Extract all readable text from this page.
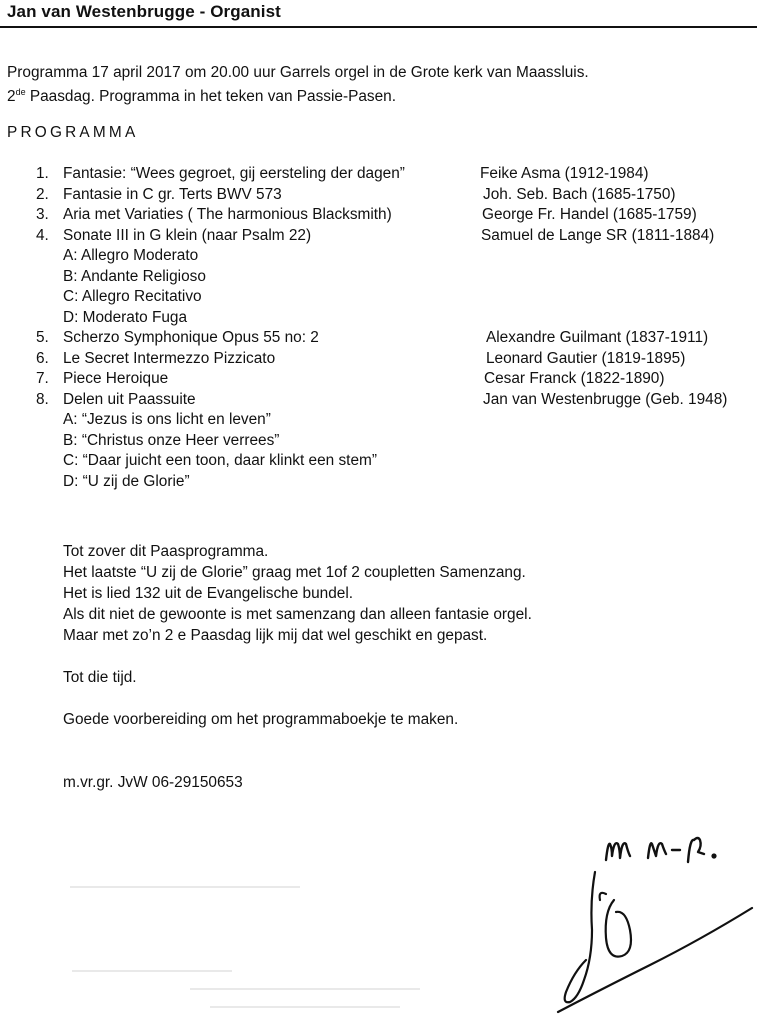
Jan van Westenbrugge - Organist
Programma 17 april 2017 om 20.00 uur Garrels orgel in de Grote kerk van Maassluis.
2de Paasdag. Programma in het teken van Passie-Pasen.
PROGRAMMA
1. Fantasie: “Wees gegroet, gij eersteling der dagen”	Feike Asma (1912-1984)
2. Fantasie in C gr. Terts BWV 573	Joh. Seb. Bach (1685-1750)
3. Aria met Variaties ( The harmonious Blacksmith)	George Fr. Handel (1685-1759)
4. Sonate III in G klein (naar Psalm 22)	Samuel de Lange SR (1811-1884)
A: Allegro Moderato
B: Andante Religioso
C: Allegro Recitativo
D: Moderato Fuga
5. Scherzo Symphonique Opus 55 no: 2	Alexandre Guilmant (1837-1911)
6. Le Secret Intermezzo Pizzicato	Leonard Gautier (1819-1895)
7. Piece Heroique	Cesar Franck (1822-1890)
8. Delen uit Paassuite	Jan van Westenbrugge (Geb. 1948)
A: “Jezus is ons licht en leven”
B: “Christus onze Heer verrees”
C: “Daar juicht een toon, daar klinkt een stem”
D: “U zij de Glorie”
Tot zover dit Paasprogramma.
Het laatste “U zij de Glorie” graag met 1of 2 coupletten Samenzang.
Het is lied 132 uit de Evangelische bundel.
Als dit niet de gewoonte is met samenzang dan alleen fantasie orgel.
Maar met zo’n 2 e Paasdag lijk mij dat wel geschikt en gepast.

Tot die tijd.

Goede voorbereiding om het programmaboekje te maken.

m.vr.gr. JvW 06-29150653
